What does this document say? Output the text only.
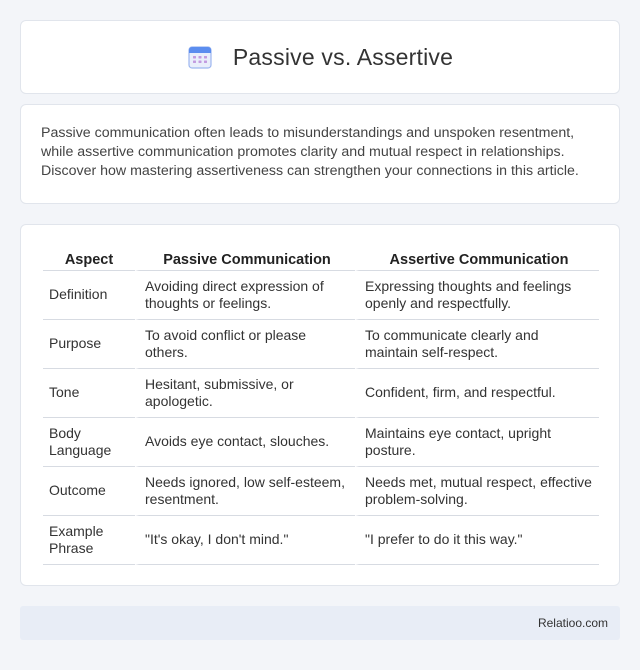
Passive vs. Assertive

Passive communication often leads to misunderstandings and unspoken resentment, while assertive communication promotes clarity and mutual respect in relationships. Discover how mastering assertiveness can strengthen your connections in this article.

Aspect	Passive Communication	Assertive Communication
Definition	Avoiding direct expression of thoughts or feelings.	Expressing thoughts and feelings openly and respectfully.
Purpose	To avoid conflict or please others.	To communicate clearly and maintain self-respect.
Tone	Hesitant, submissive, or apologetic.	Confident, firm, and respectful.
Body Language	Avoids eye contact, slouches.	Maintains eye contact, upright posture.
Outcome	Needs ignored, low self-esteem, resentment.	Needs met, mutual respect, effective problem-solving.
Example Phrase	"It's okay, I don't mind."	"I prefer to do it this way."
Relatioo.com
